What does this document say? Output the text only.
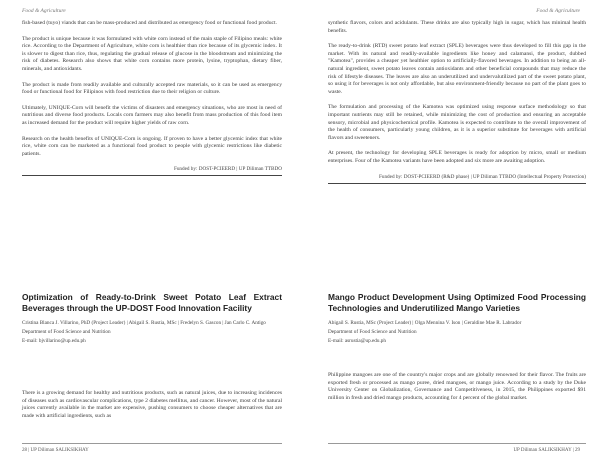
Food & Agriculture

fish-based (tuyo) viands that can be mass-produced and distributed as emergency food or functional food product.

The product is unique because it was formulated with white corn instead of the main staple of Filipino meals: white rice. According to the Department of Agriculture, white corn is healthier than rice because of its glycemic index. It is slower to digest than rice, thus, regulating the gradual release of glucose in the bloodstream and minimizing the risk of diabetes. Research also shows that white corn contains more protein, lysine, tryptophan, dietary fiber, minerals, and antioxidants.

The product is made from readily available and culturally accepted raw materials, so it can be used as emergency food or functional food for Filipinos with food restriction due to their religion or culture.

Ultimately, UNIQUE-Corn will benefit the victims of disasters and emergency situations, who are most in need of nutritious and diverse food products. Locals corn farmers may also benefit from mass production of this food item as increased demand for the product will require higher yields of raw corn.

Research on the health benefits of UNIQUE-Corn is ongoing. If proven to have a better glycemic index that white rice, white corn can be marketed as a functional food product to people with glycemic restrictions like diabetic patients.

Funded by: DOST-PCIEERD | UP Diliman TTBDO
Optimization of Ready-to-Drink Sweet Potato Leaf Extract Beverages through the UP-DOST Food Innovation Facility
Cristina Blanca J. Villarino, PhD (Project Leader) | Abigail S. Rustia, MSc | Fredelyn S. Gascon | Jan Carlo C. Antigo
Department of Food Science and Nutrition
E-mail: bjvillarino@up.edu.ph

There is a growing demand for healthy and nutritious products, such as natural juices, due to increasing incidences of diseases such as cardiovascular complications, type 2 diabetes mellitus, and cancer. However, most of the natural juices currently available in the market are expensive, pushing consumers to choose cheaper alternatives that are made with artificial ingredients, such as

28 | UP Diliman SALIKSIKHAY
Food & Agriculture

synthetic flavors, colors and acidulants. These drinks are also typically high in sugar, which has minimal health benefits.

The ready-to-drink (RTD) sweet potato leaf extract (SPLE) beverages were thus developed to fill this gap in the market. With its natural and readily-available ingredients like honey and calamansi, the product, dubbed "Kamotea", provides a cheaper yet healthier option to artificially-flavored beverages. In addition to being an all-natural ingredient, sweet potato leaves contain antioxidants and other beneficial compounds that may reduce the risk of lifestyle diseases. The leaves are also an underutilized and undervalutilized part of the sweet potato plant, so using it for beverages is not only affordable, but also environment-friendly because no part of the plant goes to waste.

The formulation and processing of the Kamotea was optimized using response surface methodology so that important nutrients may still be retained, while minimizing the cost of production and ensuring an acceptable sensory, microbial and physicochemical profile. Kamotea is expected to contribute to the overall improvement of the health of consumers, particularly young children, as it is a superior substitute for beverages with artificial flavors and sweeteners.

At present, the technology for developing SPLE beverages is ready for adoption by micro, small or medium enterprises. Four of the Kamotea variants have been adopted and six more are awaiting adoption.

Funded by: DOST-PCIEERD (R&D phase) | UP Diliman TTBDO (Intellectual Property Protection)
Mango Product Development Using Optimized Food Processing Technologies and Underutilized Mango Varieties
Abigail S. Rustia, MSc (Project Leader) | Olga Mennina V. Ison | Geraldine Mae R. Labrador
Department of Food Science and Nutrition
E-mail: asrustia@up.edu.ph

Philippine mangoes are one of the country's major crops and are globally renowned for their flavor. The fruits are exported fresh or processed as mango puree, dried mangoes, or mango juice. According to a study by the Duke University Center on Globalization, Governance and Competitiveness, in 2015, the Philippines exported $91 million in fresh and dried mango products, accounting for 4 percent of the global market.

UP Diliman SALIKSIKHAY | 29
